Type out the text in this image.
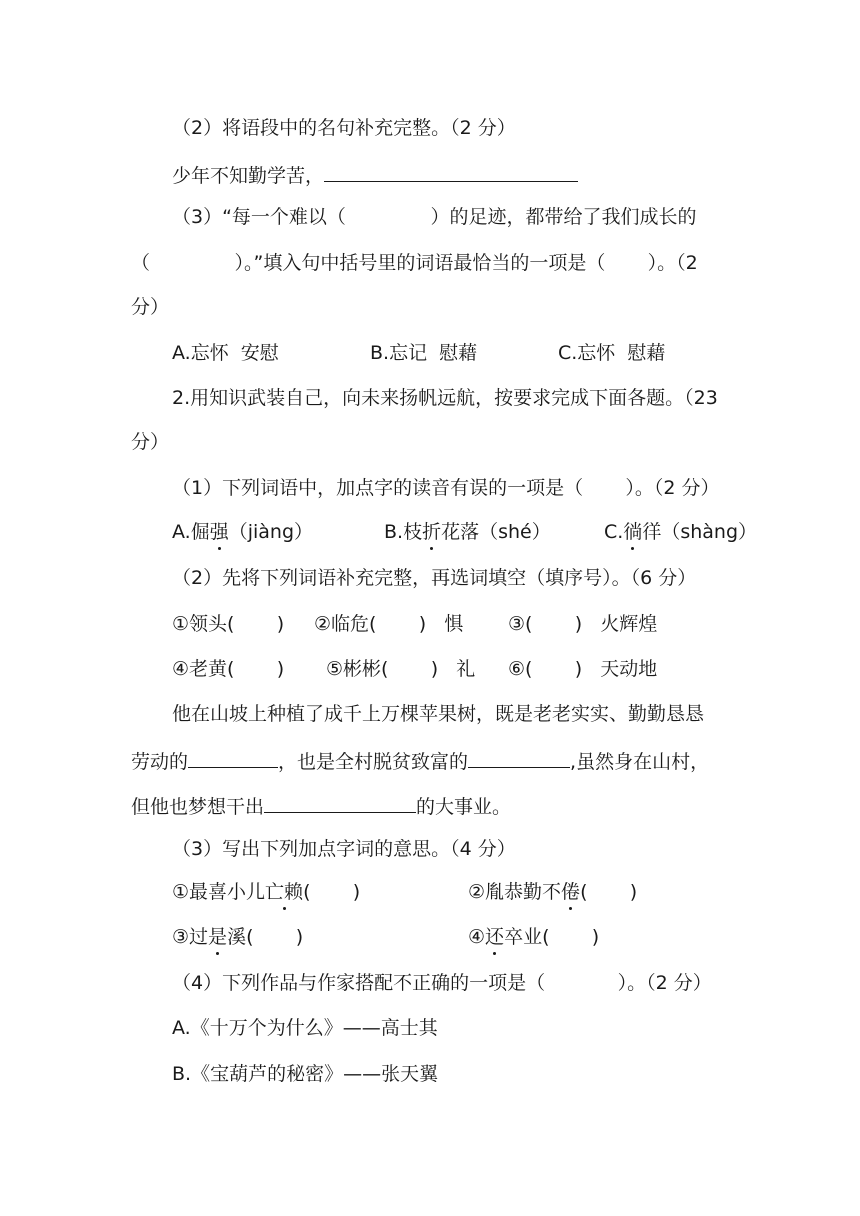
（2）将语段中的名句补充完整。（2 分）
少年不知勤学苦，
（3）“每一个难以（              ）的足迹，都带给了我们成长的
（              ）。”填入句中括号里的词语最恰当的一项是（       ）。（2
分）
A.忘怀  安慰	B.忘记  慰藉	C.忘怀  慰藉
2.用知识武装自己，向未来扬帆远航，按要求完成下面各题。（23
分）
（1）下列词语中，加点字的读音有误的一项是（       ）。（2 分）
A.倔强（jiàng）	B.枝折花落（shé）	C.徜徉（shàng）
（2）先将下列词语补充完整，再选词填空（填序号）。（6 分）
①领头(       ) ②临危(       )   惧 ③(       )   火辉煌
④老黄(       ) ⑤彬彬(       )   礼 ⑥(       )   天动地
他在山坡上种植了成千上万棵苹果树，既是老老实实、勤勤恳恳
劳动的	，也是全村脱贫致富的	,虽然身在山村，
但他也梦想干出	的大事业。
（3）写出下列加点字词的意思。（4 分）
①最喜小儿亡赖(       )	②胤恭勤不倦(       )
③过是溪(       )	④还卒业(       )
（4）下列作品与作家搭配不正确的一项是（            ）。（2 分）
A.《十万个为什么》——高士其
B.《宝葫芦的秘密》——张天翼
